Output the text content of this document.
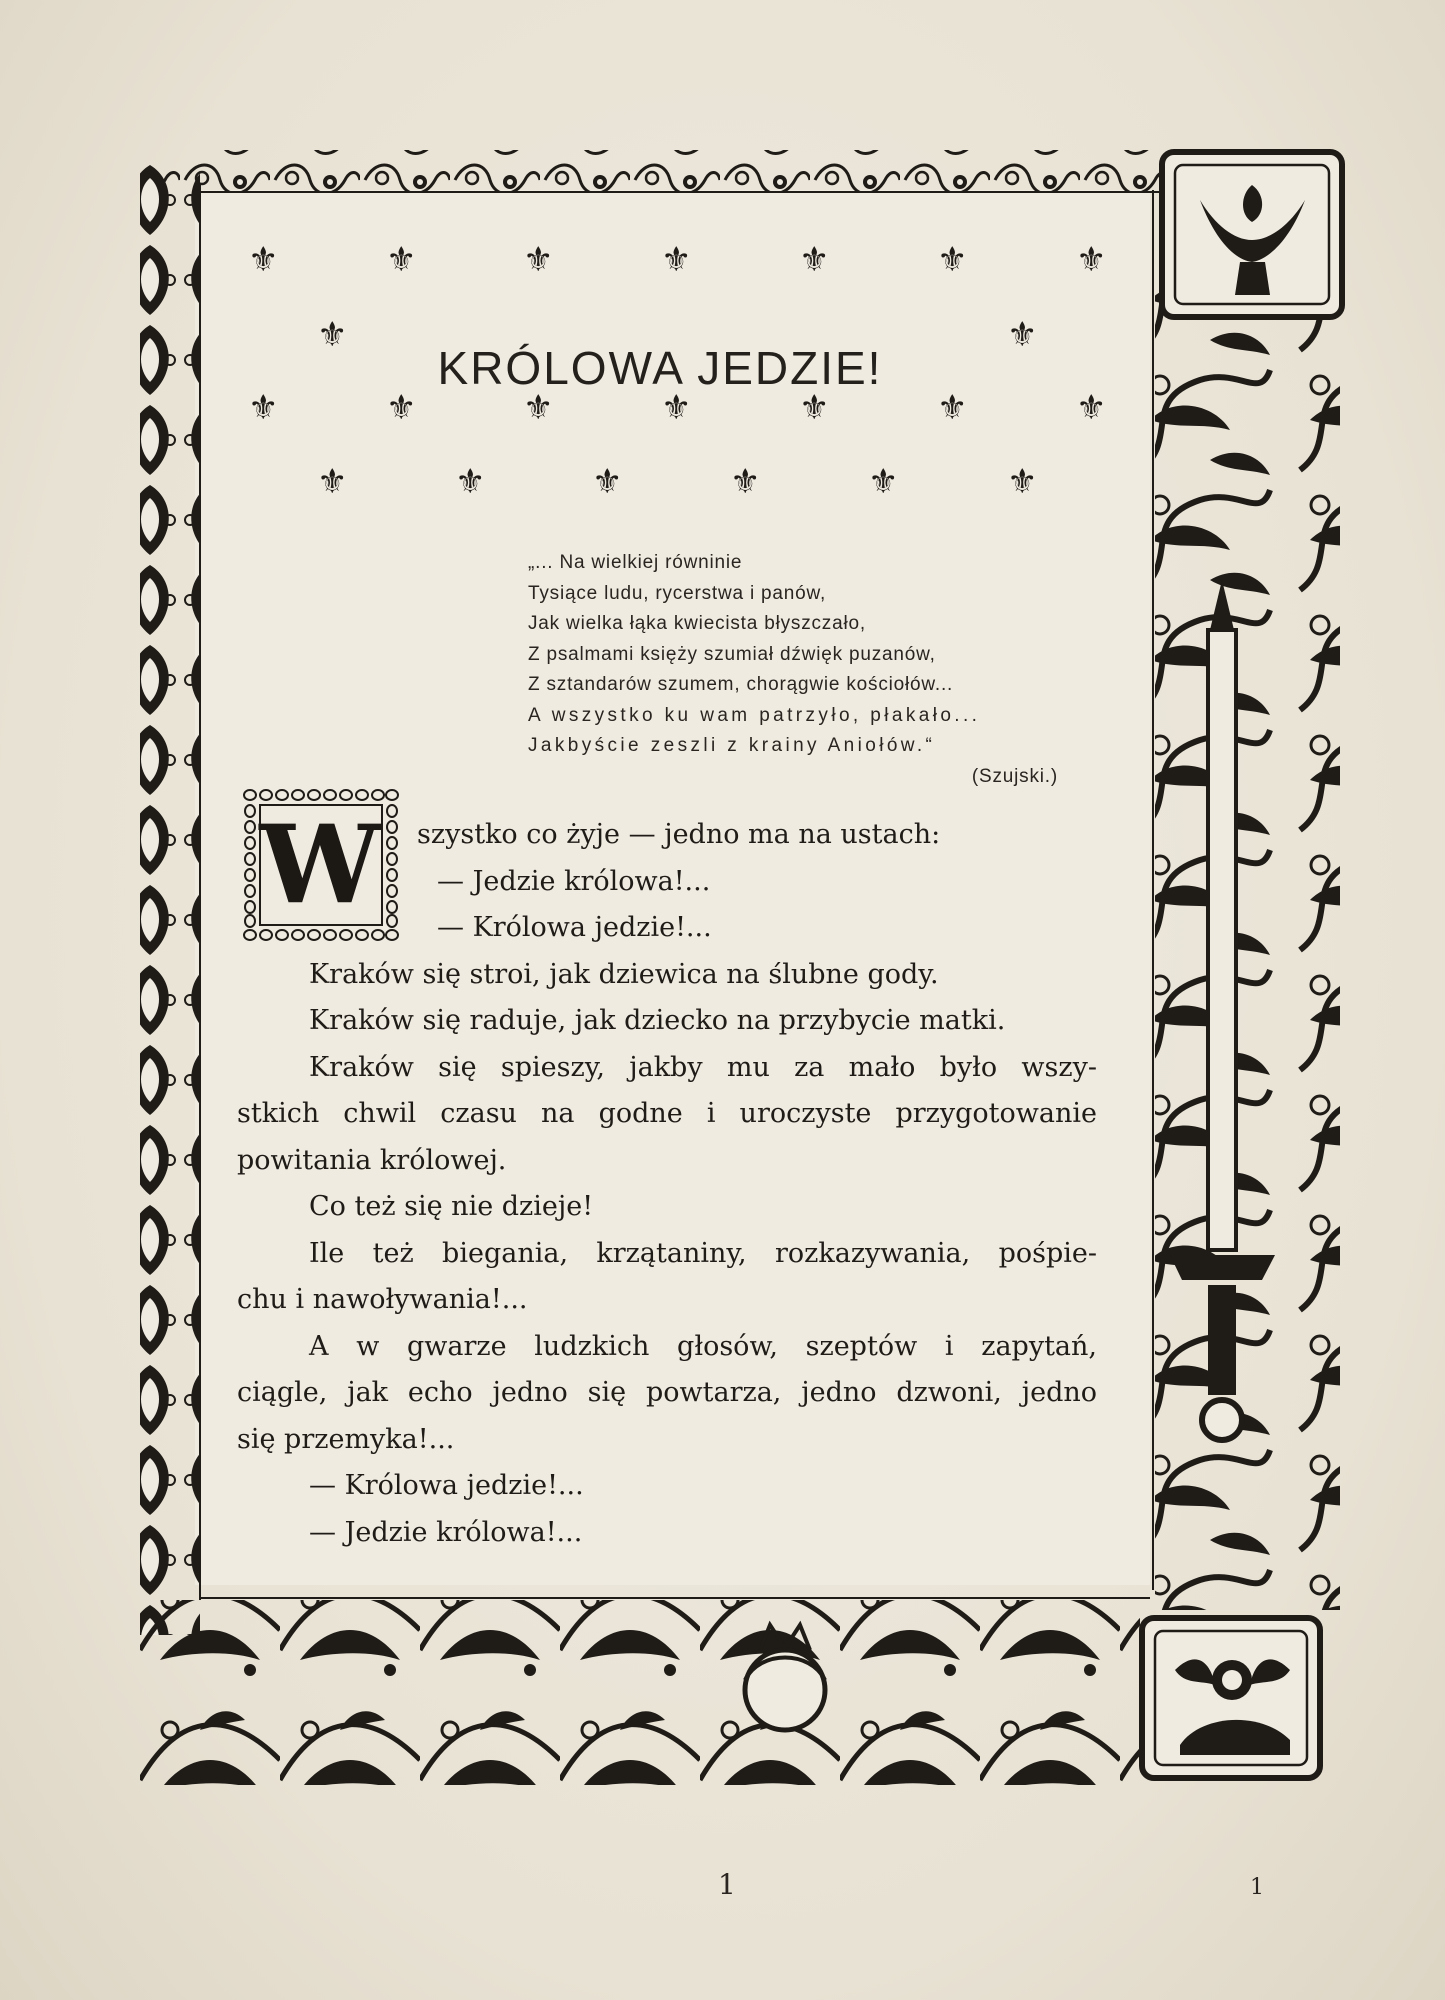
⚜	⚜	⚜	⚜	⚜	⚜	⚜
⚜	⚜
⚜	⚜	⚜	⚜	⚜	⚜	⚜
⚜	⚜	⚜	⚜	⚜	⚜
KRÓLOWA JEDZIE!
„... Na wielkiej równinie
Tysiące ludu, rycerstwa i panów,
Jak wielka łąka kwiecista błyszczało,
Z psalmami księży szumiał dźwięk puzanów,
Z sztandarów szumem, chorągwie kościołów...
A wszystko ku wam patrzyło, płakało...
Jakbyście zeszli z krainy Aniołów.“
(Szujski.)
W	szystko co żyje — jedno ma na ustach:

— Jedzie królowa!...

— Królowa jedzie!...

Kraków się stroi, jak dziewica na ślubne gody.

Kraków się raduje, jak dziecko na przybycie matki.

Kraków się spieszy, jakby mu za mało było wszy-

stkich chwil czasu na godne i uroczyste przygotowanie

powitania królowej.

Co też się nie dzieje!

Ile też biegania, krzątaniny, rozkazywania, pośpie-

chu i nawoływania!...

A w gwarze ludzkich głosów, szeptów i zapytań,

ciągle, jak echo jedno się powtarza, jedno dzwoni, jedno

się przemyka!...

— Królowa jedzie!...

— Jedzie królowa!...

1	1
